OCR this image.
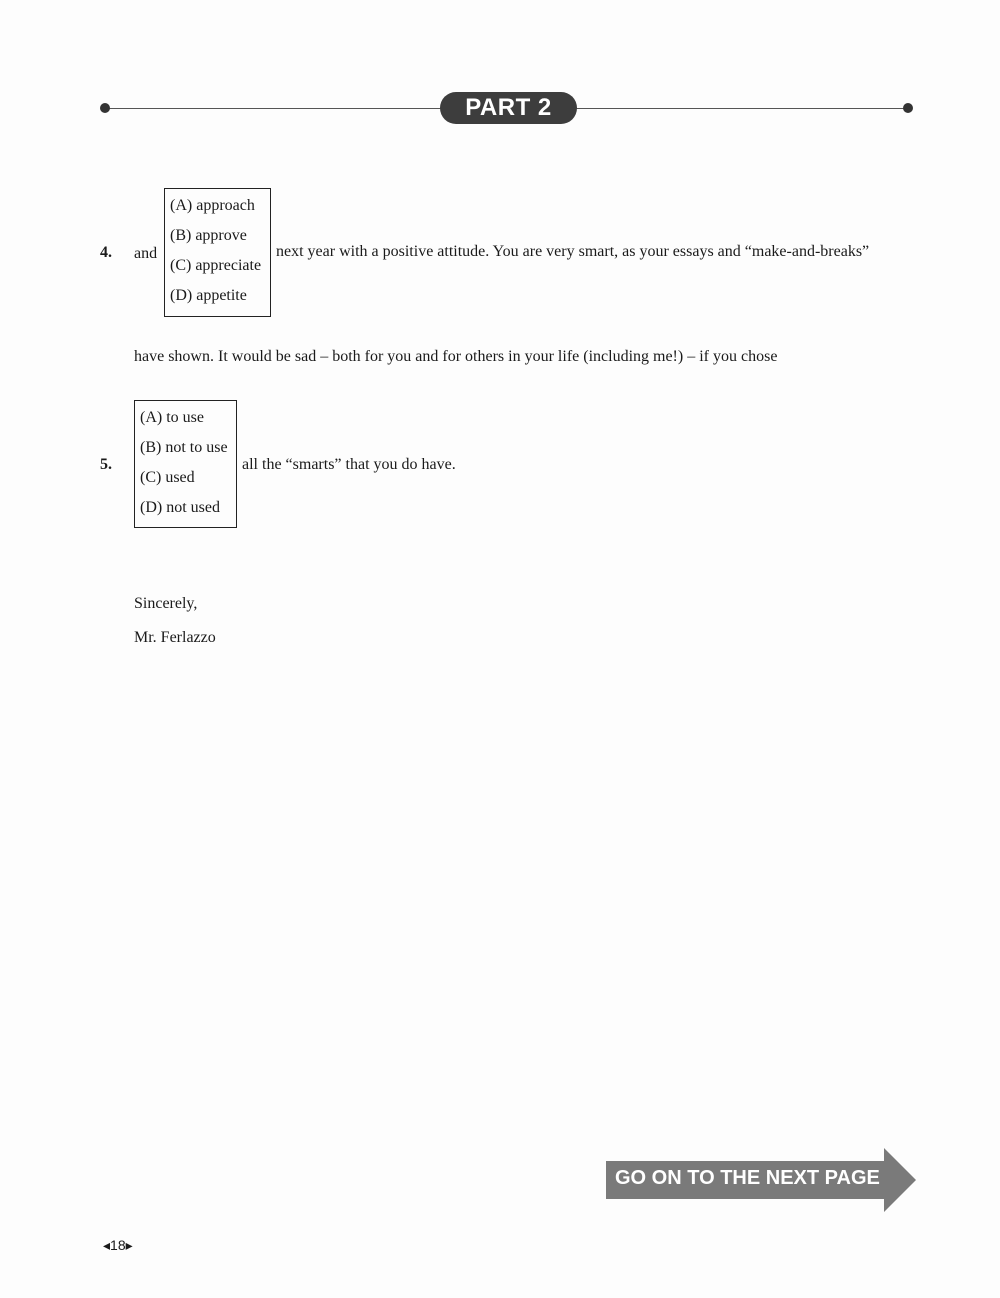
PART 2
4. and
(A) approach
(B) approve
(C) appreciate
(D) appetite
next year with a positive attitude. You are very smart, as your essays and “make-and-breaks”
have shown. It would be sad – both for you and for others in your life (including me!) – if you chose
5.
(A) to use
(B) not to use
(C) used
(D) not used
all the “smarts” that you do have.
Sincerely,
Mr. Ferlazzo
GO ON TO THE NEXT PAGE
◂18▸
